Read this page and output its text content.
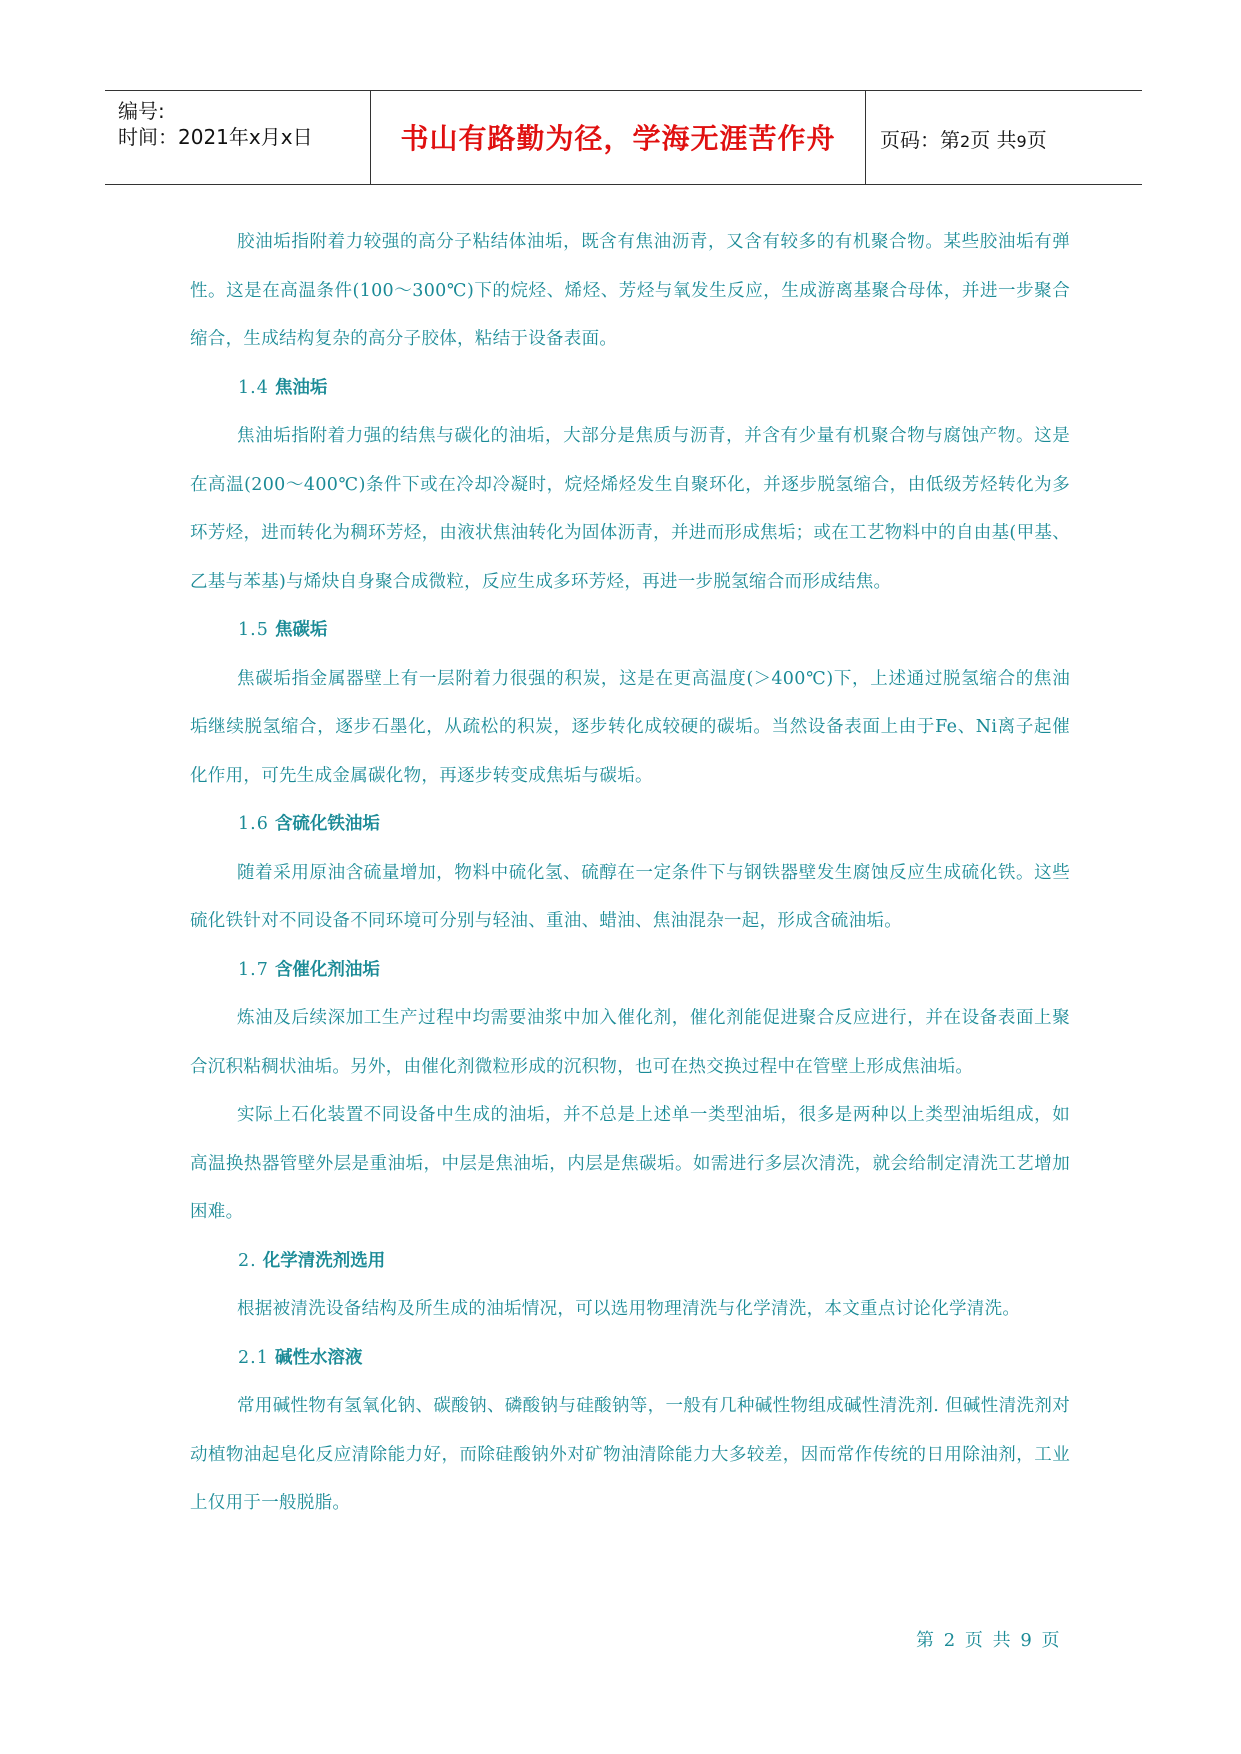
编号:
时间：2021年x月x日	书山有路勤为径，学海无涯苦作舟	页码：第2页 共9页

胶油垢指附着力较强的高分子粘结体油垢，既含有焦油沥青，又含有较多的有机聚合物。某些胶油垢有弹性。这是在高温条件(100～300℃)下的烷烃、烯烃、芳烃与氧发生反应，生成游离基聚合母体，并进一步聚合缩合，生成结构复杂的高分子胶体，粘结于设备表面。

1.4 焦油垢

焦油垢指附着力强的结焦与碳化的油垢，大部分是焦质与沥青，并含有少量有机聚合物与腐蚀产物。这是在高温(200～400℃)条件下或在冷却冷凝时，烷烃烯烃发生自聚环化，并逐步脱氢缩合，由低级芳烃转化为多环芳烃，进而转化为稠环芳烃，由液状焦油转化为固体沥青，并进而形成焦垢；或在工艺物料中的自由基(甲基、乙基与苯基)与烯炔自身聚合成微粒，反应生成多环芳烃，再进一步脱氢缩合而形成结焦。

1.5 焦碳垢

焦碳垢指金属器壁上有一层附着力很强的积炭，这是在更高温度(＞400℃)下，上述通过脱氢缩合的焦油垢继续脱氢缩合，逐步石墨化，从疏松的积炭，逐步转化成较硬的碳垢。当然设备表面上由于Fe、Ni离子起催化作用，可先生成金属碳化物，再逐步转变成焦垢与碳垢。

1.6 含硫化铁油垢

随着采用原油含硫量增加，物料中硫化氢、硫醇在一定条件下与钢铁器壁发生腐蚀反应生成硫化铁。这些硫化铁针对不同设备不同环境可分别与轻油、重油、蜡油、焦油混杂一起，形成含硫油垢。

1.7 含催化剂油垢

炼油及后续深加工生产过程中均需要油浆中加入催化剂，催化剂能促进聚合反应进行，并在设备表面上聚合沉积粘稠状油垢。另外，由催化剂微粒形成的沉积物，也可在热交换过程中在管壁上形成焦油垢。

实际上石化装置不同设备中生成的油垢，并不总是上述单一类型油垢，很多是两种以上类型油垢组成，如高温换热器管壁外层是重油垢，中层是焦油垢，内层是焦碳垢。如需进行多层次清洗，就会给制定清洗工艺增加困难。

2. 化学清洗剂选用

根据被清洗设备结构及所生成的油垢情况，可以选用物理清洗与化学清洗，本文重点讨论化学清洗。

2.1 碱性水溶液

常用碱性物有氢氧化钠、碳酸钠、磷酸钠与硅酸钠等，一般有几种碱性物组成碱性清洗剂. 但碱性清洗剂对动植物油起皂化反应清除能力好，而除硅酸钠外对矿物油清除能力大多较差，因而常作传统的日用除油剂，工业上仅用于一般脱脂。

第 2 页 共 9 页
